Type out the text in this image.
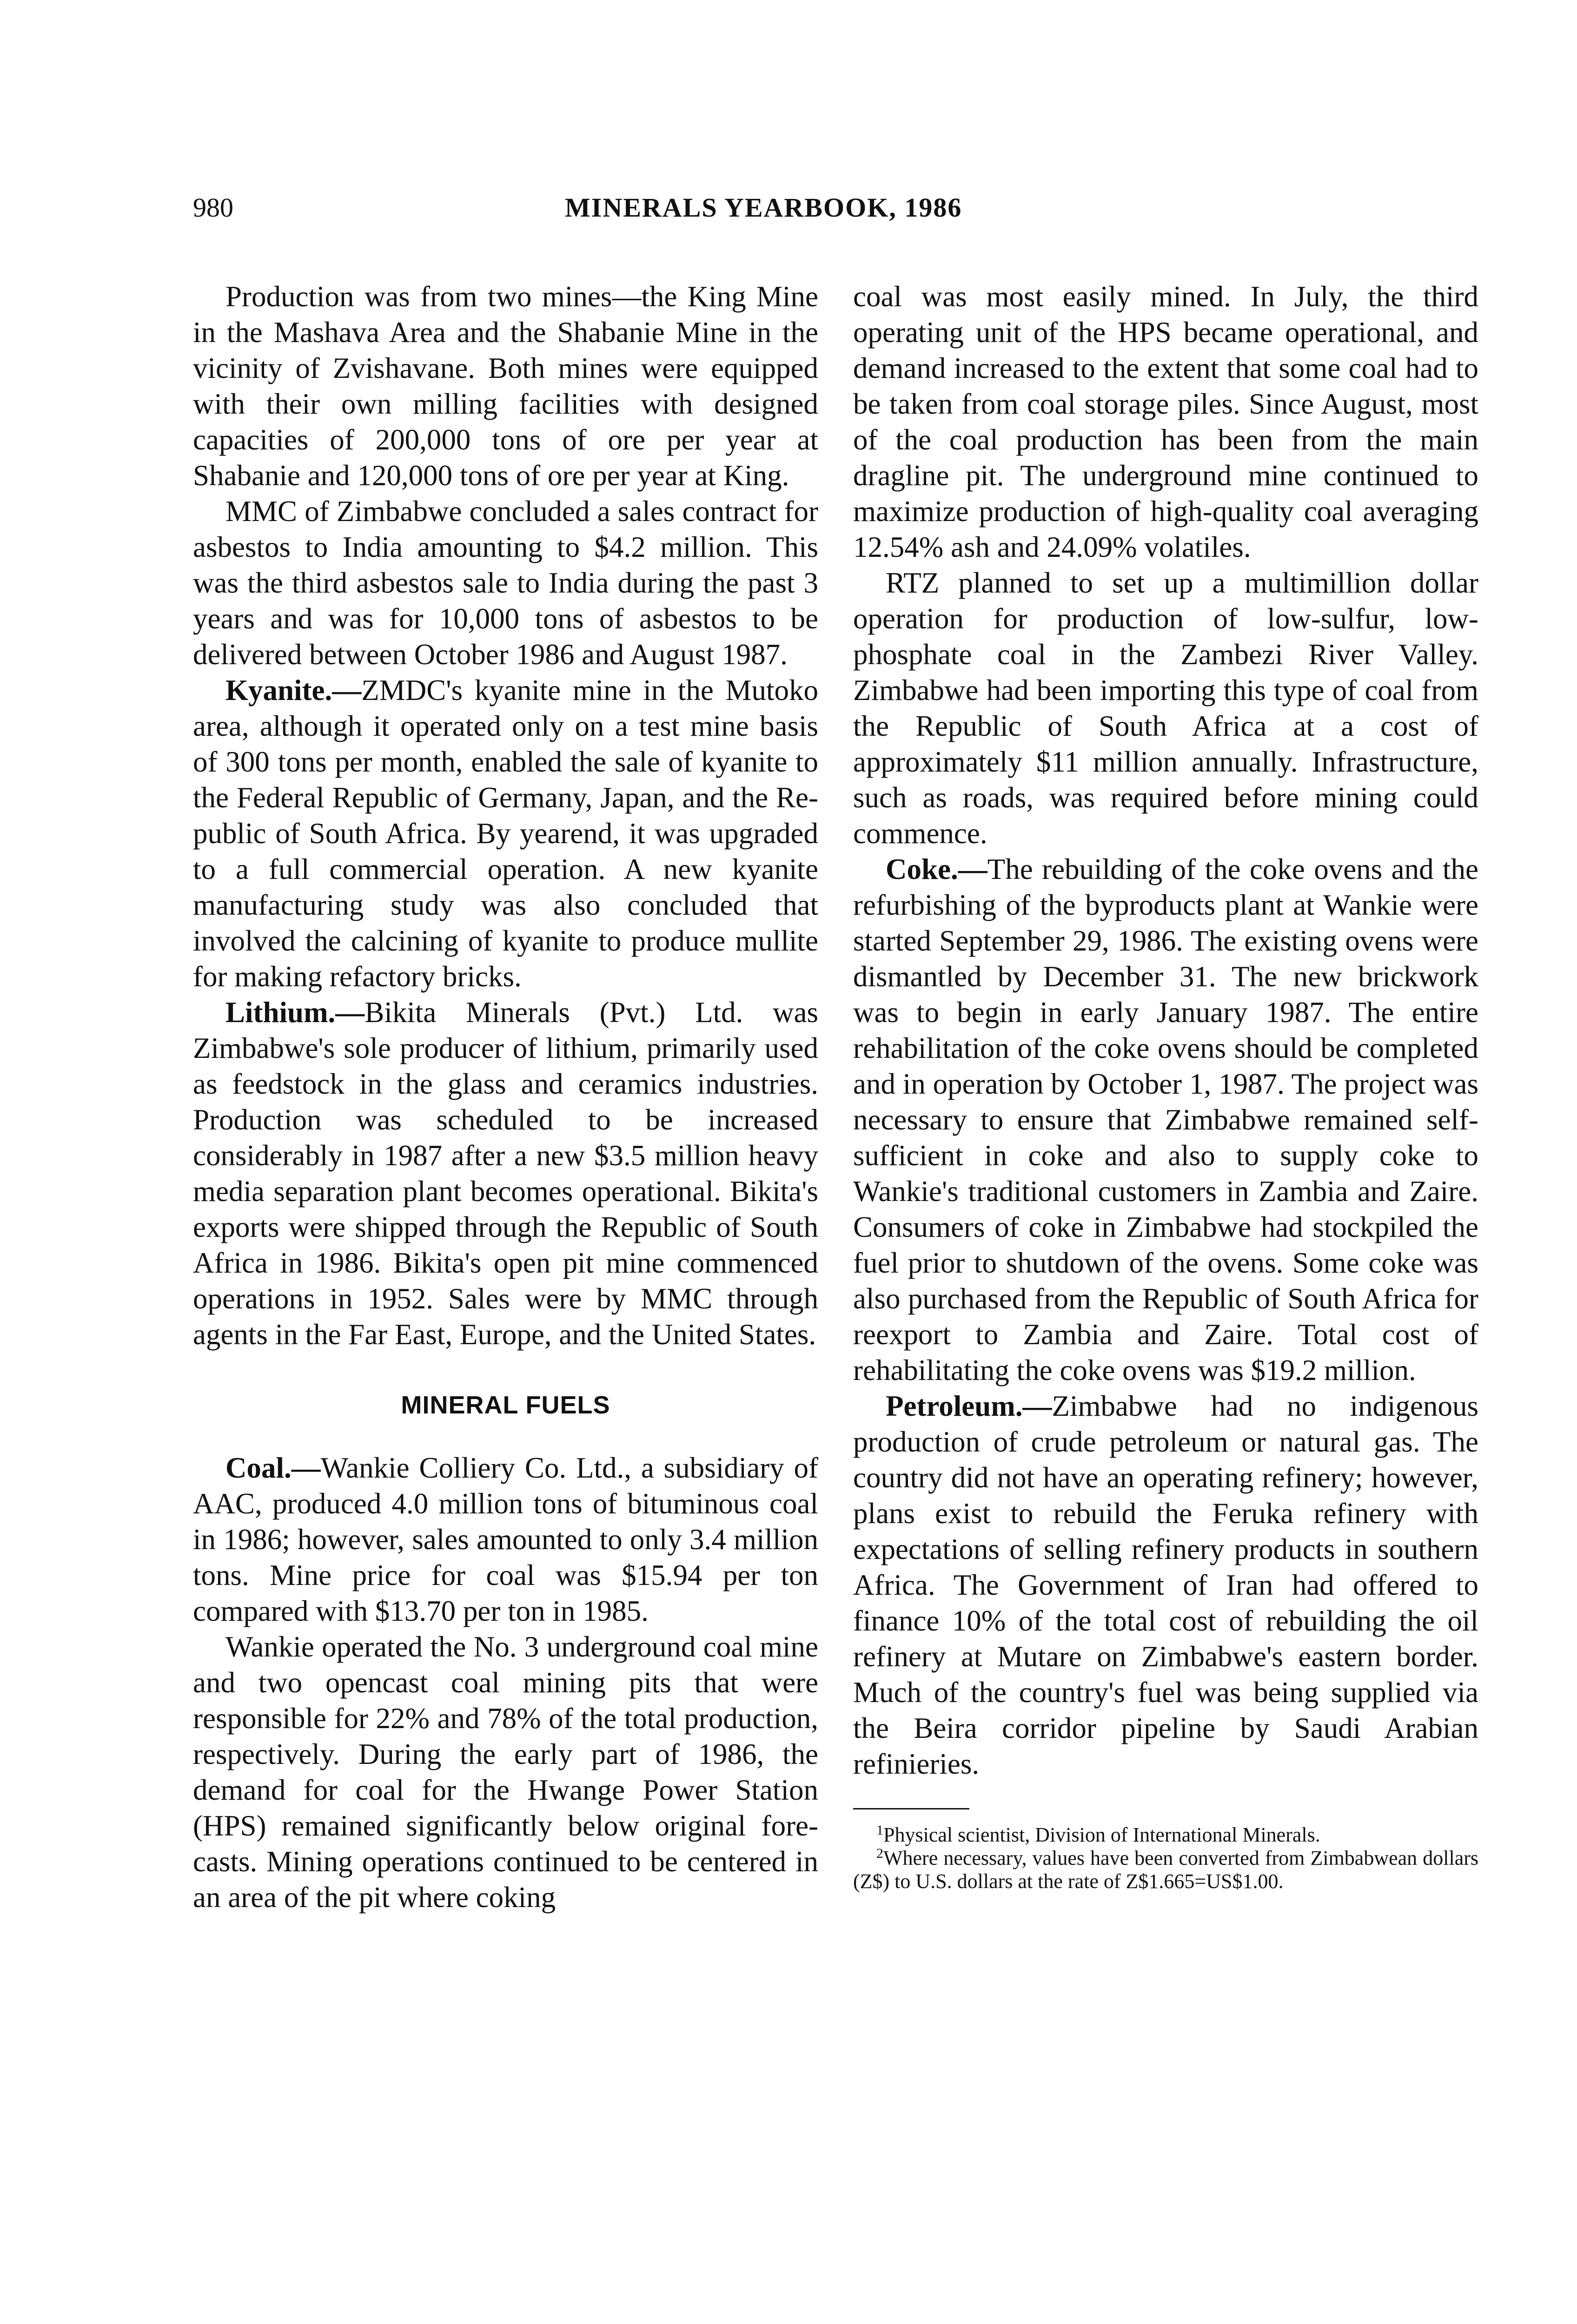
980	MINERALS YEARBOOK, 1986

Production was from two mines—the King Mine in the Mashava Area and the Shabanie Mine in the vicinity of Zvishavane. Both mines were equipped with their own milling facilities with designed capacities of 200,000 tons of ore per year at Shabanie and 120,000 tons of ore per year at King.

MMC of Zimbabwe concluded a sales contract for asbestos to India amounting to $4.2 million. This was the third asbestos sale to India during the past 3 years and was for 10,000 tons of asbestos to be delivered between October 1986 and August 1987.

Kyanite.—ZMDC's kyanite mine in the Mutoko area, although it operated only on a test mine basis of 300 tons per month, enabled the sale of kyanite to the Federal Republic of Germany, Japan, and the Republic of South Africa. By yearend, it was upgraded to a full commercial operation. A new kyanite manufacturing study was also concluded that involved the calcining of kyanite to produce mullite for making refactory bricks.

Lithium.—Bikita Minerals (Pvt.) Ltd. was Zimbabwe's sole producer of lithium, primarily used as feedstock in the glass and ceramics industries. Production was scheduled to be increased considerably in 1987 after a new $3.5 million heavy media separation plant becomes operational. Bikita's exports were shipped through the Republic of South Africa in 1986. Bikita's open pit mine commenced operations in 1952. Sales were by MMC through agents in the Far East, Europe, and the United States.

MINERAL FUELS

Coal.—Wankie Colliery Co. Ltd., a subsidiary of AAC, produced 4.0 million tons of bituminous coal in 1986; however, sales amounted to only 3.4 million tons. Mine price for coal was $15.94 per ton compared with $13.70 per ton in 1985.

Wankie operated the No. 3 underground coal mine and two opencast coal mining pits that were responsible for 22% and 78% of the total production, respectively. During the early part of 1986, the demand for coal for the Hwange Power Station (HPS) remained significantly below original forecasts. Mining operations continued to be centered in an area of the pit where coking

coal was most easily mined. In July, the third operating unit of the HPS became operational, and demand increased to the extent that some coal had to be taken from coal storage piles. Since August, most of the coal production has been from the main dragline pit. The underground mine continued to maximize production of high-quality coal averaging 12.54% ash and 24.09% volatiles.

RTZ planned to set up a multimillion dollar operation for production of low-sulfur, low-phosphate coal in the Zambezi River Valley. Zimbabwe had been importing this type of coal from the Republic of South Africa at a cost of approximately $11 million annually. Infrastructure, such as roads, was required before mining could commence.

Coke.—The rebuilding of the coke ovens and the refurbishing of the byproducts plant at Wankie were started September 29, 1986. The existing ovens were dismantled by December 31. The new brickwork was to begin in early January 1987. The entire rehabilitation of the coke ovens should be completed and in operation by October 1, 1987. The project was necessary to ensure that Zimbabwe remained self-sufficient in coke and also to supply coke to Wankie's traditional customers in Zambia and Zaire. Consumers of coke in Zimbabwe had stockpiled the fuel prior to shutdown of the ovens. Some coke was also purchased from the Republic of South Africa for reexport to Zambia and Zaire. Total cost of rehabilitating the coke ovens was $19.2 million.

Petroleum.—Zimbabwe had no indigenous production of crude petroleum or natural gas. The country did not have an operating refinery; however, plans exist to rebuild the Feruka refinery with expectations of selling refinery products in southern Africa. The Government of Iran had offered to finance 10% of the total cost of rebuilding the oil refinery at Mutare on Zimbabwe's eastern border. Much of the country's fuel was being supplied via the Beira corridor pipeline by Saudi Arabian refinieries.

$^1$Physical scientist, Division of International Minerals.

$^2$Where necessary, values have been converted from Zimbabwean dollars (Z$) to U.S. dollars at the rate of Z$1.665=US$1.00.
